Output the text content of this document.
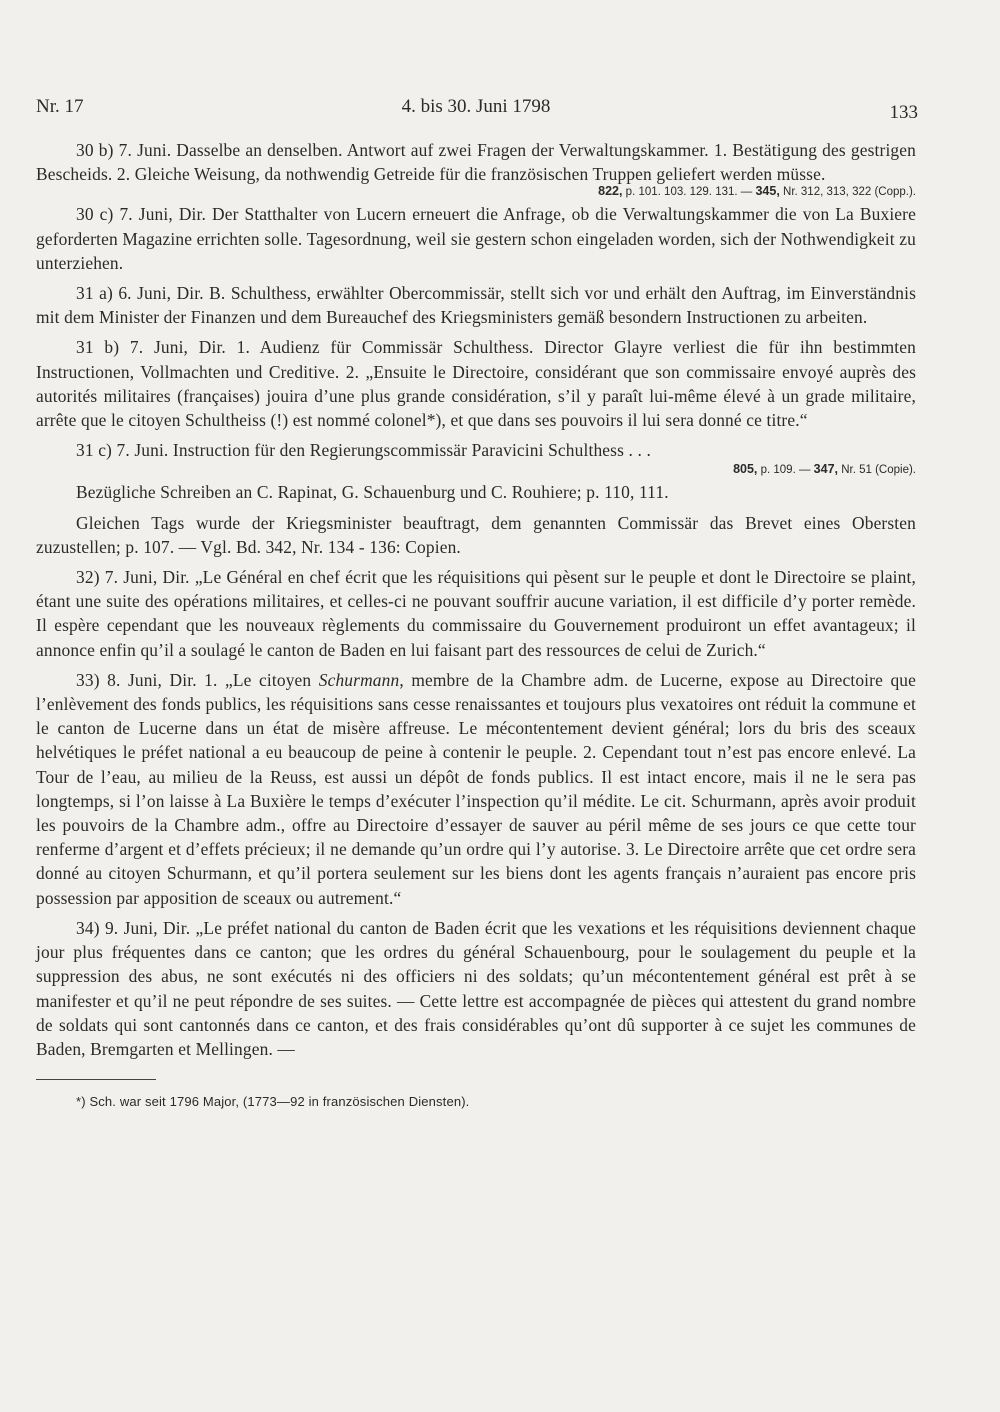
Nr. 17	4. bis 30. Juni 1798	133

30 b) 7. Juni. Dasselbe an denselben. Antwort auf zwei Fragen der Verwaltungskammer. 1. Bestätigung des gestrigen Bescheids. 2. Gleiche Weisung, da nothwendig Getreide für die französischen Truppen geliefert werden müsse.

822, p. 101. 103. 129. 131. — 345, Nr. 312, 313, 322 (Copp.).

30 c) 7. Juni, Dir. Der Statthalter von Lucern erneuert die Anfrage, ob die Verwaltungskammer die von La Buxiere geforderten Magazine errichten solle. Tagesordnung, weil sie gestern schon eingeladen worden, sich der Nothwendigkeit zu unterziehen.

31 a) 6. Juni, Dir. B. Schulthess, erwählter Obercommissär, stellt sich vor und erhält den Auftrag, im Einverständnis mit dem Minister der Finanzen und dem Bureauchef des Kriegsministers gemäß besondern Instructionen zu arbeiten.

31 b) 7. Juni, Dir. 1. Audienz für Commissär Schulthess. Director Glayre verliest die für ihn bestimmten Instructionen, Vollmachten und Creditive. 2. „Ensuite le Directoire, considérant que son commissaire envoyé auprès des autorités militaires (françaises) jouira d’une plus grande considération, s’il y paraît lui-même élevé à un grade militaire, arrête que le citoyen Schultheiss (!) est nommé colonel*), et que dans ses pouvoirs il lui sera donné ce titre.“

31 c) 7. Juni. Instruction für den Regierungscommissär Paravicini Schulthess . . .

805, p. 109. — 347, Nr. 51 (Copie).

Bezügliche Schreiben an C. Rapinat, G. Schauenburg und C. Rouhiere; p. 110, 111.

Gleichen Tags wurde der Kriegsminister beauftragt, dem genannten Commissär das Brevet eines Obersten zuzustellen; p. 107. — Vgl. Bd. 342, Nr. 134 - 136: Copien.

32) 7. Juni, Dir. „Le Général en chef écrit que les réquisitions qui pèsent sur le peuple et dont le Directoire se plaint, étant une suite des opérations militaires, et celles-ci ne pouvant souffrir aucune variation, il est difficile d’y porter remède. Il espère cependant que les nouveaux règlements du commissaire du Gouvernement produiront un effet avantageux; il annonce enfin qu’il a soulagé le canton de Baden en lui faisant part des ressources de celui de Zurich.“

33) 8. Juni, Dir. 1. „Le citoyen Schurmann, membre de la Chambre adm. de Lucerne, expose au Directoire que l’enlèvement des fonds publics, les réquisitions sans cesse renaissantes et toujours plus vexatoires ont réduit la commune et le canton de Lucerne dans un état de misère affreuse. Le mécontentement devient général; lors du bris des sceaux helvétiques le préfet national a eu beaucoup de peine à contenir le peuple. 2. Cependant tout n’est pas encore enlevé. La Tour de l’eau, au milieu de la Reuss, est aussi un dépôt de fonds publics. Il est intact encore, mais il ne le sera pas longtemps, si l’on laisse à La Buxière le temps d’exécuter l’inspection qu’il médite. Le cit. Schurmann, après avoir produit les pouvoirs de la Chambre adm., offre au Directoire d’essayer de sauver au péril même de ses jours ce que cette tour renferme d’argent et d’effets précieux; il ne demande qu’un ordre qui l’y autorise. 3. Le Directoire arrête que cet ordre sera donné au citoyen Schurmann, et qu’il portera seulement sur les biens dont les agents français n’auraient pas encore pris possession par apposition de sceaux ou autrement.“

34) 9. Juni, Dir. „Le préfet national du canton de Baden écrit que les vexations et les réquisitions deviennent chaque jour plus fréquentes dans ce canton; que les ordres du général Schauenbourg, pour le soulagement du peuple et la suppression des abus, ne sont exécutés ni des officiers ni des soldats; qu’un mécontentement général est prêt à se manifester et qu’il ne peut répondre de ses suites. — Cette lettre est accompagnée de pièces qui attestent du grand nombre de soldats qui sont cantonnés dans ce canton, et des frais considérables qu’ont dû supporter à ce sujet les communes de Baden, Bremgarten et Mellingen. —

*) Sch. war seit 1796 Major, (1773—92 in französischen Diensten).
